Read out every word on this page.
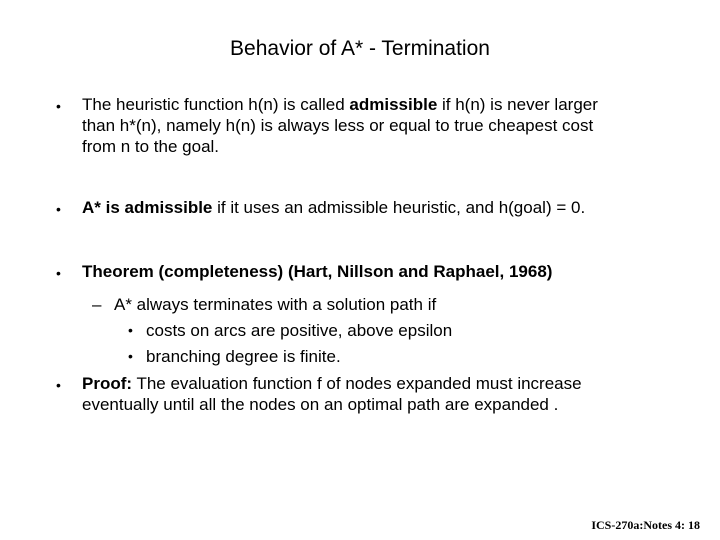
Behavior of A* - Termination
• The heuristic function h(n) is called admissible if h(n) is never larger
than h*(n), namely h(n) is always less or equal to true cheapest cost
from n to the goal.
• A* is admissible if it uses an admissible heuristic, and h(goal) = 0.
• Theorem (completeness) (Hart, Nillson and Raphael, 1968)
– A* always terminates with a solution path if
• costs on arcs are positive, above epsilon
• branching degree is finite.
• Proof: The evaluation function f of nodes expanded must increase
eventually until all the nodes on an optimal path are expanded .
ICS-270a:Notes 4: 18
